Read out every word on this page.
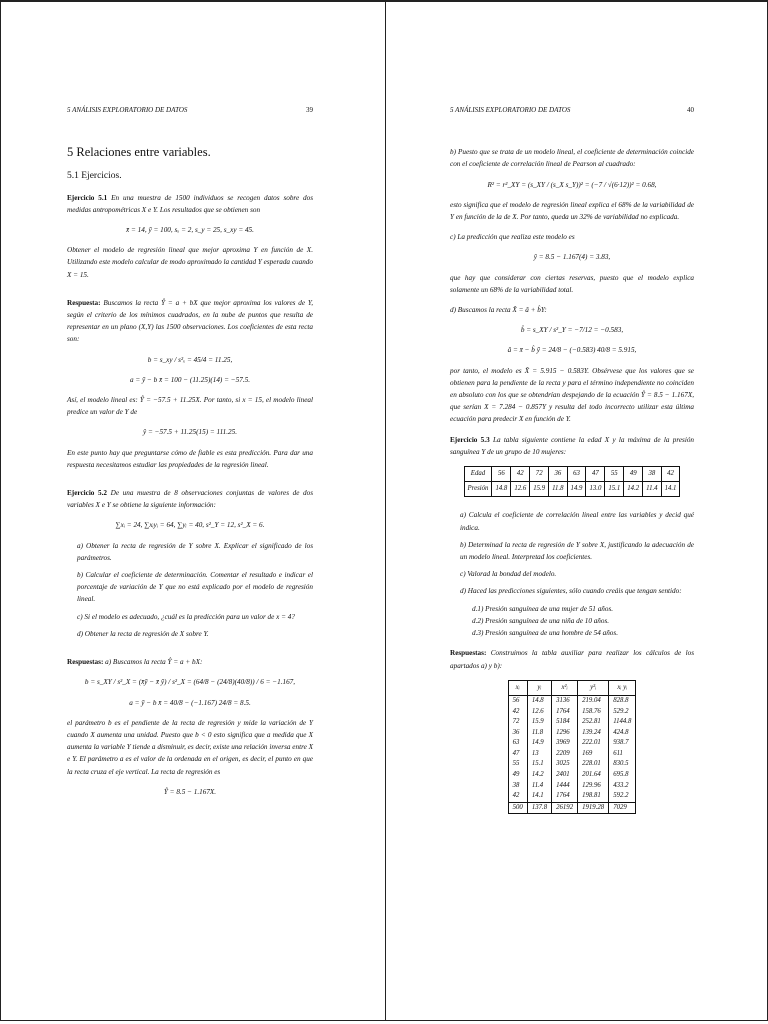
5 ANÁLISIS EXPLORATORIO DE DATOS	39
5 Relaciones entre variables.
5.1 Ejercicios.

Ejercicio 5.1 En una muestra de 1500 individuos se recogen datos sobre dos medidas antropométricas X e Y. Los resultados que se obtienen son

x̄ = 14, ȳ = 100, sₓ = 2, s_y = 25, s_xy = 45.

Obtener el modelo de regresión lineal que mejor aproxima Y en función de X. Utilizando este modelo calcular de modo aproximado la cantidad Y esperada cuando X = 15.

Respuesta: Buscamos la recta Ŷ = a + bX que mejor aproxima los valores de Y, según el criterio de los mínimos cuadrados, en la nube de puntos que resulta de representar en un plano (X,Y) las 1500 observaciones. Los coeficientes de esta recta son:

b = s_xy / s²ₓ = 45/4 = 11.25,
a = ȳ − b x̄ = 100 − (11.25)(14) = −57.5.

Así, el modelo lineal es: Ŷ = −57.5 + 11.25X. Por tanto, si x = 15, el modelo lineal predice un valor de Y de

ŷ = −57.5 + 11.25(15) = 111.25.

En este punto hay que preguntarse cómo de fiable es esta predicción. Para dar una respuesta necesitamos estudiar las propiedades de la regresión lineal.

Ejercicio 5.2 De una muestra de 8 observaciones conjuntas de valores de dos variables X e Y se obtiene la siguiente información:

∑xᵢ = 24, ∑xᵢyᵢ = 64, ∑yᵢ = 40, s²_Y = 12, s²_X = 6.
a) Obtener la recta de regresión de Y sobre X. Explicar el significado de los parámetros.
b) Calcular el coeficiente de determinación. Comentar el resultado e indicar el porcentaje de variación de Y que no está explicado por el modelo de regresión lineal.
c) Si el modelo es adecuado, ¿cuál es la predicción para un valor de x = 4?
d) Obtener la recta de regresión de X sobre Y.

Respuestas: a) Buscamos la recta Ŷ = a + bX:

b = s_XY / s²_X = (x̄ȳ − x̄ ȳ) / s²_X = (64/8 − (24/8)(40/8)) / 6 = −1.167,
a = ȳ − b x̄ = 40/8 − (−1.167) 24/8 = 8.5.

el parámetro b es el pendiente de la recta de regresión y mide la variación de Y cuando X aumenta una unidad. Puesto que b < 0 esto significa que a medida que X aumenta la variable Y tiende a disminuir, es decir, existe una relación inversa entre X e Y. El parámetro a es el valor de la ordenada en el origen, es decir, el punto en que la recta cruza el eje vertical. La recta de regresión es

Ŷ = 8.5 − 1.167X.
5 ANÁLISIS EXPLORATORIO DE DATOS	40

b) Puesto que se trata de un modelo lineal, el coeficiente de determinación coincide con el coeficiente de correlación lineal de Pearson al cuadrado:

R² = r²_XY = (s_XY / (s_X s_Y))² = (−7 / √(6·12))² = 0.68,

esto significa que el modelo de regresión lineal explica el 68% de la variabilidad de Y en función de la de X. Por tanto, queda un 32% de variabilidad no explicada.

c) La predicción que realiza este modelo es

ŷ = 8.5 − 1.167(4) = 3.83,

que hay que considerar con ciertas reservas, puesto que el modelo explica solamente un 68% de la variabilidad total.

d) Buscamos la recta X̂ = â + b̂Y:

b̂ = s_XY / s²_Y = −7/12 = −0.583,
â = x̄ − b̂ ȳ = 24/8 − (−0.583) 40/8 = 5.915,

por tanto, el modelo es X̂ = 5.915 − 0.583Y. Obsérvese que los valores que se obtienen para la pendiente de la recta y para el término independiente no coinciden en absoluto con los que se obtendrían despejando de la ecuación Ŷ = 8.5 − 1.167X, que serían X = 7.284 − 0.857Y y resulta del todo incorrecto utilizar esta última ecuación para predecir X en función de Y.

Ejercicio 5.3 La tabla siguiente contiene la edad X y la máxima de la presión sanguínea Y de un grupo de 10 mujeres:

Edad	56	42	72	36	63	47	55	49	38	42
Presión	14.8	12.6	15.9	11.8	14.9	13.0	15.1	14.2	11.4	14.1
a) Calcula el coeficiente de correlación lineal entre las variables y decid qué indica.
b) Determinad la recta de regresión de Y sobre X, justificando la adecuación de un modelo lineal. Interpretad los coeficientes.
c) Valorad la bondad del modelo.
d) Haced las predicciones siguientes, sólo cuando creáis que tengan sentido:
d.1) Presión sanguínea de una mujer de 51 años.
d.2) Presión sanguínea de una niña de 10 años.
d.3) Presión sanguínea de una hombre de 54 años.

Respuestas: Construimos la tabla auxiliar para realizar los cálculos de los apartados a) y b):

xᵢ	yᵢ	x²ᵢ	y²ᵢ	xᵢ yᵢ
56	14.8	3136	219.04	828.8
42	12.6	1764	158.76	529.2
72	15.9	5184	252.81	1144.8
36	11.8	1296	139.24	424.8
63	14.9	3969	222.01	938.7
47	13	2209	169	611
55	15.1	3025	228.01	830.5
49	14.2	2401	201.64	695.8
38	11.4	1444	129.96	433.2
42	14.1	1764	198.81	592.2
500	137.8	26192	1919.28	7029
